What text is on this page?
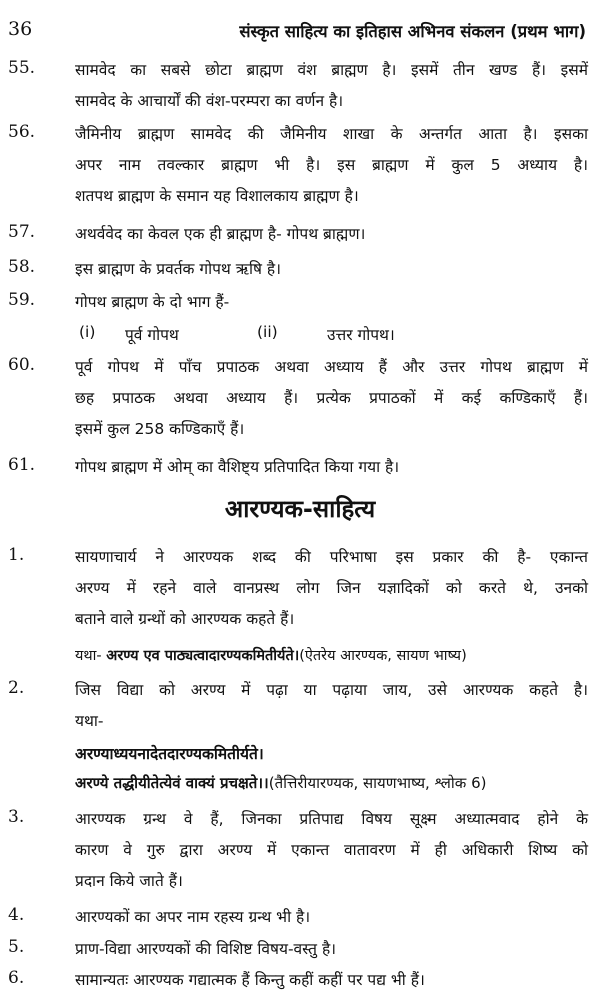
36	संस्कृत साहित्य का इतिहास अभिनव संकलन (प्रथम भाग)
55.	सामवेद का सबसे छोटा ब्राह्मण वंश ब्राह्मण है। इसमें तीन खण्ड हैं। इसमें
सामवेद के आचार्यों की वंश-परम्परा का वर्णन है।
56.	जैमिनीय ब्राह्मण सामवेद की जैमिनीय शाखा के अन्तर्गत आता है। इसका
अपर नाम तवल्कार ब्राह्मण भी है। इस ब्राह्मण में कुल 5 अध्याय है।
शतपथ ब्राह्मण के समान यह विशालकाय ब्राह्मण है।
57.	अथर्ववेद का केवल एक ही ब्राह्मण है- गोपथ ब्राह्मण।
58.	इस ब्राह्मण के प्रवर्तक गोपथ ऋषि है।
59.	गोपथ ब्राह्मण के दो भाग हैं-
(i) पूर्व गोपथ	(ii)	उत्तर गोपथ।
60.	पूर्व गोपथ में पाँच प्रपाठक अथवा अध्याय हैं और उत्तर गोपथ ब्राह्मण में
छह प्रपाठक अथवा अध्याय हैं। प्रत्येक प्रपाठकों में कई कण्डिकाएँ हैं।
इसमें कुल 258 कण्डिकाएँ हैं।
61.	गोपथ ब्राह्मण में ओम् का वैशिष्ट्य प्रतिपादित किया गया है।
आरण्यक-साहित्य
1.	सायणाचार्य ने आरण्यक शब्द की परिभाषा इस प्रकार की है- एकान्त
अरण्य में रहने वाले वानप्रस्थ लोग जिन यज्ञादिकों को करते थे, उनको
बताने वाले ग्रन्थों को आरण्यक कहते हैं।
यथा- अरण्य एव पाठ्यत्वादारण्यकमितीर्यते।(ऐतरेय आरण्यक, सायण भाष्य)
2.	जिस विद्या को अरण्य में पढ़ा या पढ़ाया जाय, उसे आरण्यक कहते है।
यथा-
अरण्याध्ययनादेतदारण्यकमितीर्यते।
अरण्ये तद्धीयीतेत्येवं वाक्यं प्रचक्षते।।(तैत्तिरीयारण्यक, सायणभाष्य, श्लोक 6)
3.	आरण्यक ग्रन्थ वे हैं, जिनका प्रतिपाद्य विषय सूक्ष्म अध्यात्मवाद होने के
कारण वे गुरु द्वारा अरण्य में एकान्त वातावरण में ही अधिकारी शिष्य को
प्रदान किये जाते हैं।
4.	आरण्यकों का अपर नाम रहस्य ग्रन्थ भी है।
5.	प्राण-विद्या आरण्यकों की विशिष्ट विषय-वस्तु है।
6.	सामान्यतः आरण्यक गद्यात्मक हैं किन्तु कहीं कहीं पर पद्य भी हैं।
